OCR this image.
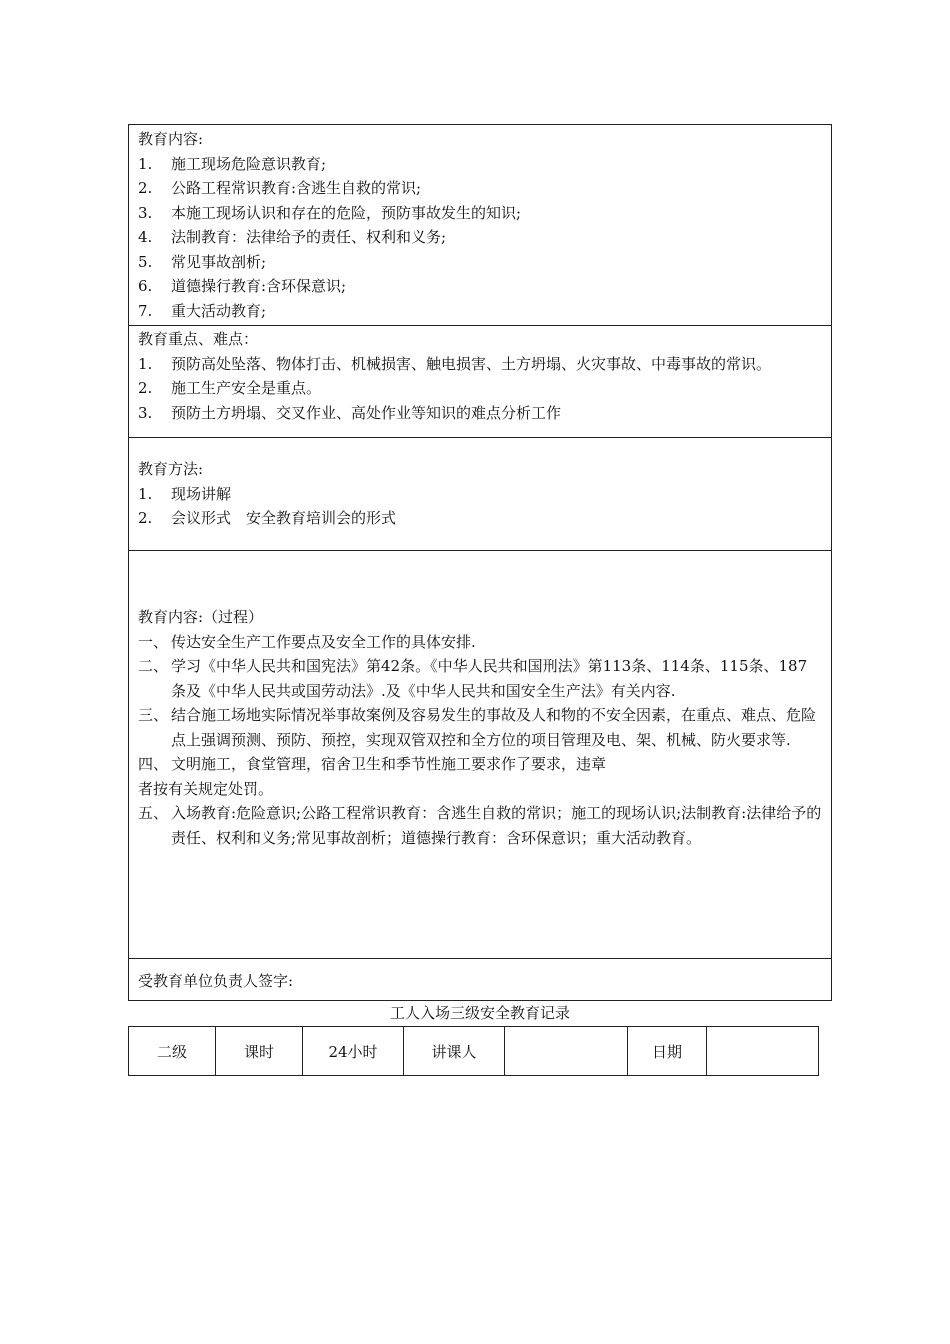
教育内容:
1. 施工现场危险意识教育;
2. 公路工程常识教育:含逃生自救的常识;
3. 本施工现场认识和存在的危险，预防事故发生的知识;
4. 法制教育：法律给予的责任、权利和义务;
5. 常见事故剖析;
6. 道德操行教育:含环保意识;
7. 重大活动教育;
教育重点、难点：
1. 预防高处坠落、物体打击、机械损害、触电损害、土方坍塌、火灾事故、中毒事故的常识。
2. 施工生产安全是重点。
3. 预防土方坍塌、交叉作业、高处作业等知识的难点分析工作
教育方法:
1. 现场讲解
2. 会议形式　安全教育培训会的形式
教育内容:（过程）
一、 传达安全生产工作要点及安全工作的具体安排.
二、 学习《中华人民共和国宪法》第42条。《中华人民共和国刑法》第113条、114条、115条、187条及《中华人民共或国劳动法》.及《中华人民共和国安全生产法》有关内容.
三、 结合施工场地实际情况举事故案例及容易发生的事故及人和物的不安全因素，在重点、难点、危险点上强调预测、预防、预控，实现双管双控和全方位的项目管理及电、架、机械、防火要求等.
四、 文明施工，食堂管理，宿舍卫生和季节性施工要求作了要求，违章
者按有关规定处罚。
五、 入场教育:危险意识;公路工程常识教育：含逃生自救的常识；施工的现场认识;法制教育:法律给予的责任、权利和义务;常见事故剖析；道德操行教育：含环保意识；重大活动教育。
受教育单位负责人签字:
工人入场三级安全教育记录
二级	课时	24小时	讲课人		日期	
